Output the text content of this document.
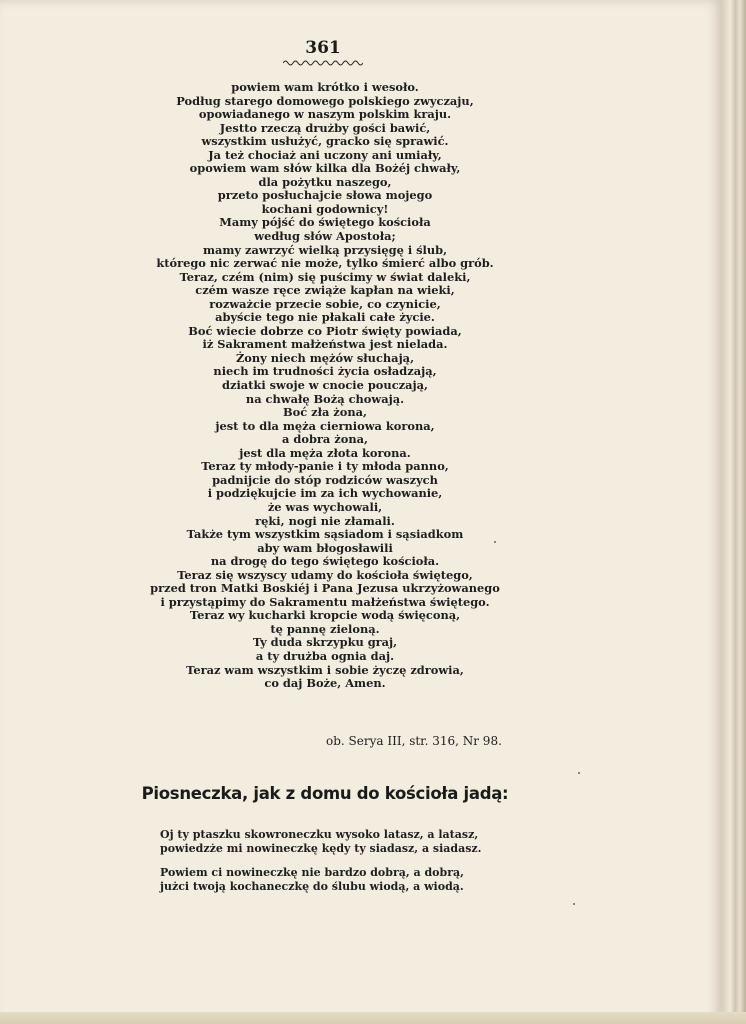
361
powiem wam krótko i wesoło.
Podług starego domowego polskiego zwyczaju,
opowiadanego w naszym polskim kraju.
Jestto rzeczą drużby gości bawić,
wszystkim usłużyć, gracko się sprawić.
Ja też chociaż ani uczony ani umiały,
opowiem wam słów kilka dla Bożéj chwały,
dla pożytku naszego,
przeto posłuchajcie słowa mojego
kochani godownicy!
Mamy pójść do świętego kościoła
według słów Apostoła;
mamy zawrzyć wielką przysięgę i ślub,
którego nic zerwać nie może, tylko śmierć albo grób.
Teraz, czém (nim) się puścimy w świat daleki,
czém wasze ręce zwiąże kapłan na wieki,
rozważcie przecie sobie, co czynicie,
abyście tego nie płakali całe życie.
Boć wiecie dobrze co Piotr święty powiada,
iż Sakrament małżeństwa jest nielada.
Żony niech mężów słuchają,
niech im trudności życia osładzają,
dziatki swoje w cnocie pouczają,
na chwałę Bożą chowają.
Boć zła żona,
jest to dla męża cierniowa korona,
a dobra żona,
jest dla męża złota korona.
Teraz ty młody-panie i ty młoda panno,
padnijcie do stóp rodziców waszych
i podziękujcie im za ich wychowanie,
że was wychowali,
ręki, nogi nie złamali.
Także tym wszystkim sąsiadom i sąsiadkom
aby wam błogosławili
na drogę do tego świętego kościoła.
Teraz się wszyscy udamy do kościoła świętego,
przed tron Matki Boskiéj i Pana Jezusa ukrzyżowanego
i przystąpimy do Sakramentu małżeństwa świętego.
Teraz wy kucharki kropcie wodą święconą,
tę pannę zieloną.
Ty duda skrzypku graj,
a ty drużba ognia daj.
Teraz wam wszystkim i sobie życzę zdrowia,
co daj Boże, Amen.
ob. Serya III, str. 316, Nr 98.
Piosneczka, jak z domu do kościoła jadą:
Oj ty ptaszku skowroneczku wysoko latasz, a latasz,
powiedzże mi nowineczkę kędy ty siadasz, a siadasz.
Powiem ci nowineczkę nie bardzo dobrą, a dobrą,
jużci twoją kochaneczkę do ślubu wiodą, a wiodą.
